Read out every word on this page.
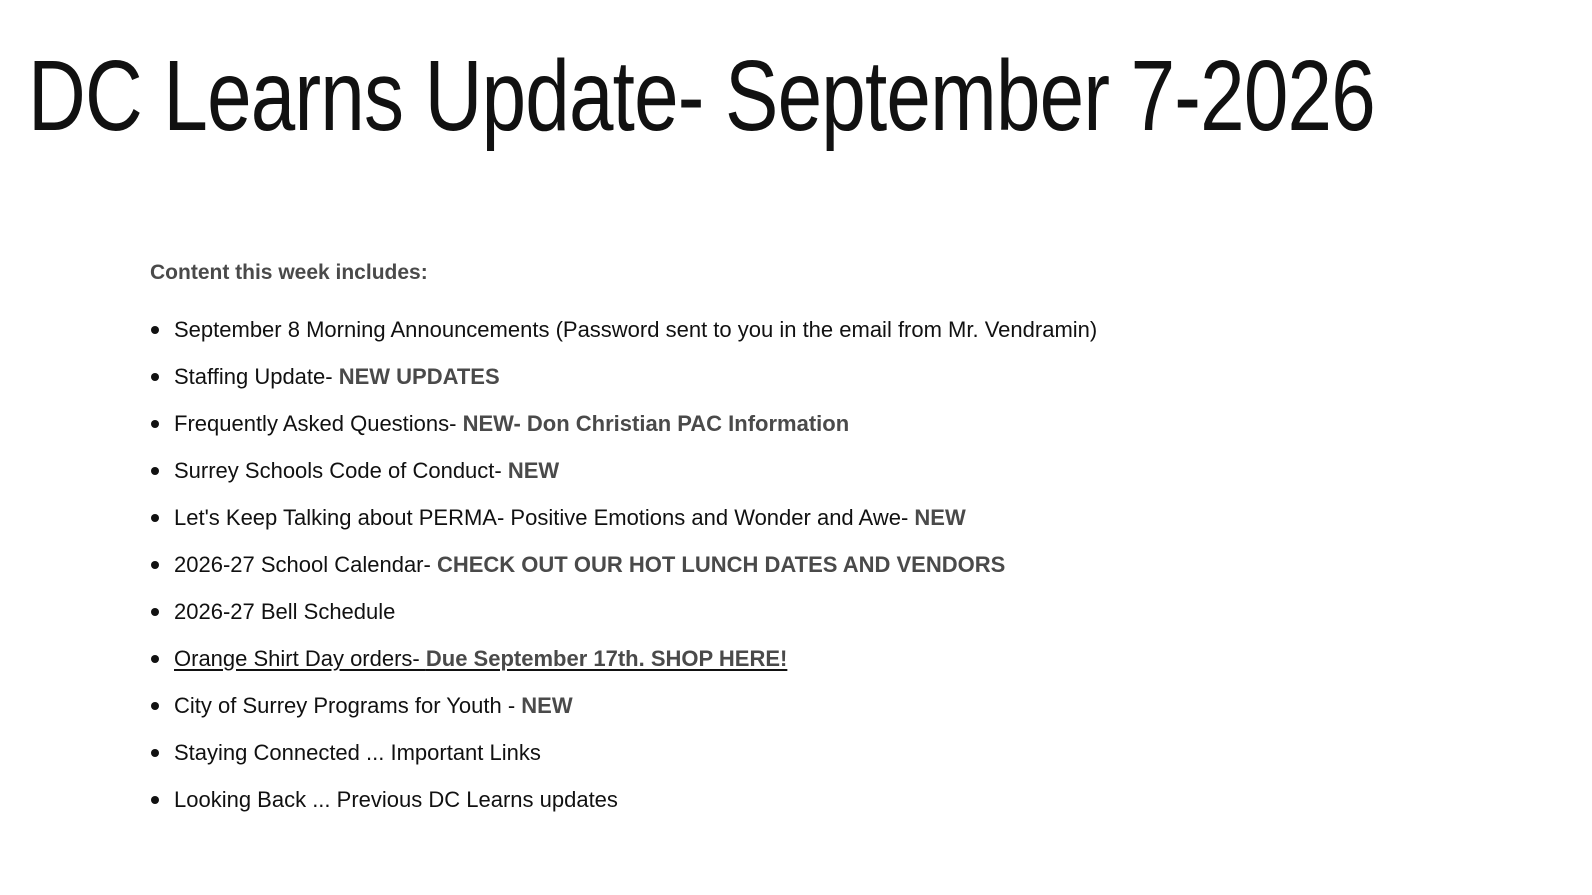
DC Learns Update- September 7-2026

Content this week includes:

September 8 Morning Announcements (Password sent to you in the email from Mr. Vendramin)
Staffing Update- NEW UPDATES
Frequently Asked Questions- NEW- Don Christian PAC Information
Surrey Schools Code of Conduct- NEW
Let's Keep Talking about PERMA- Positive Emotions and Wonder and Awe- NEW
2026-27 School Calendar- CHECK OUT OUR HOT LUNCH DATES AND VENDORS
2026-27 Bell Schedule
Orange Shirt Day orders- Due September 17th. SHOP HERE!
City of Surrey Programs for Youth - NEW
Staying Connected ... Important Links
Looking Back ... Previous DC Learns updates
